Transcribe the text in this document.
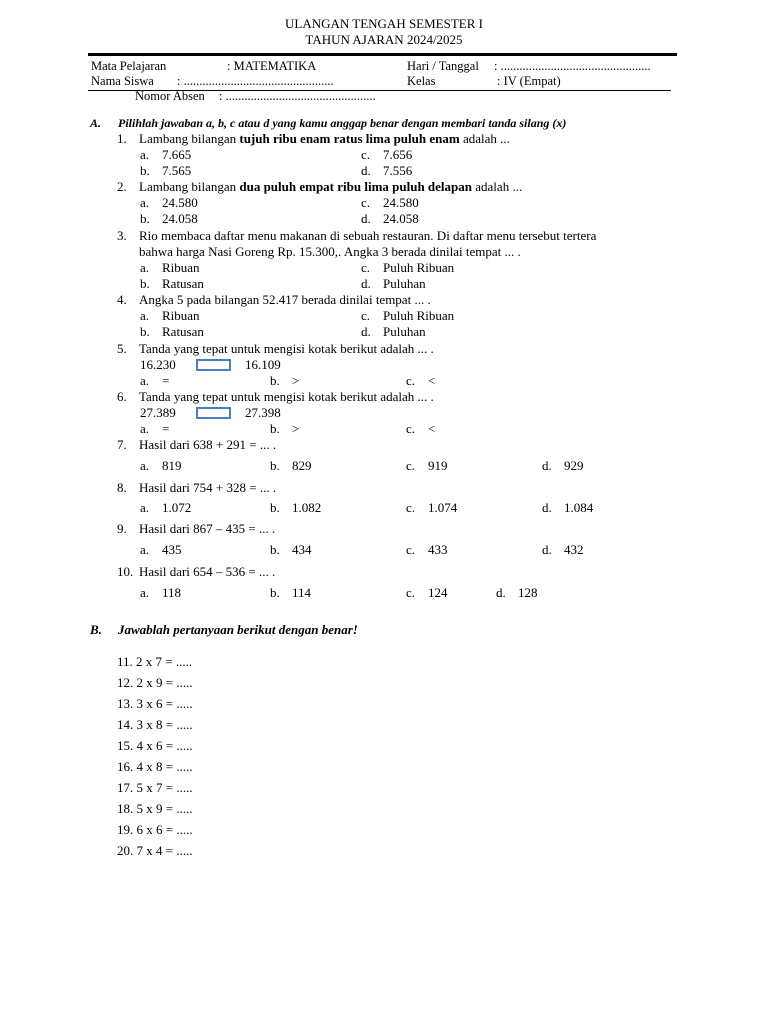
ULANGAN TENGAH SEMESTER I
TAHUN AJARAN 2024/2025
Mata Pelajaran	: MATEMATIKA	Hari / Tanggal : ................................................
Nama Siswa : ................................................	Kelas	: IV (Empat)
Nomor Absen : ................................................
A. Pilihlah jawaban a, b, c atau d yang kamu anggap benar dengan membari tanda silang (x)
1. Lambang bilangan tujuh ribu enam ratus lima puluh enam adalah ...
a. 7.665	c. 7.656
b. 7.565	d. 7.556
2. Lambang bilangan dua puluh empat ribu lima puluh delapan adalah ...
a. 24.580	c. 24.580
b. 24.058	d. 24.058
3. Rio membaca daftar menu makanan di sebuah restauran. Di daftar menu tersebut tertera
bahwa harga Nasi Goreng Rp. 15.300,. Angka 3 berada dinilai tempat ... .
a. Ribuan	c. Puluh Ribuan
b. Ratusan	d. Puluhan
4. Angka 5 pada bilangan 52.417 berada dinilai tempat ... .
a. Ribuan	c. Puluh Ribuan
b. Ratusan	d. Puluhan
5. Tanda yang tepat untuk mengisi kotak berikut adalah ... .
16.230	16.109
a. =	b. >	c. <
6. Tanda yang tepat untuk mengisi kotak berikut adalah ... .
27.389	27.398
a. =	b. >	c. <
7. Hasil dari 638 + 291 = ... .
a. 819	b. 829	c. 919	d. 929
8. Hasil dari 754 + 328 = ... .
a. 1.072	b. 1.082	c. 1.074	d. 1.084
9. Hasil dari 867 – 435 = ... .
a. 435	b. 434	c. 433	d. 432
10. Hasil dari 654 – 536 = ... .
a. 118	b. 114	c. 124	d. 128
B. Jawablah pertanyaan berikut dengan benar!
11. 2 x 7 = .....
12. 2 x 9 = .....
13. 3 x 6 = .....
14. 3 x 8 = .....
15. 4 x 6 = .....
16. 4 x 8 = .....
17. 5 x 7 = .....
18. 5 x 9 = .....
19. 6 x 6 = .....
20. 7 x 4 = .....
